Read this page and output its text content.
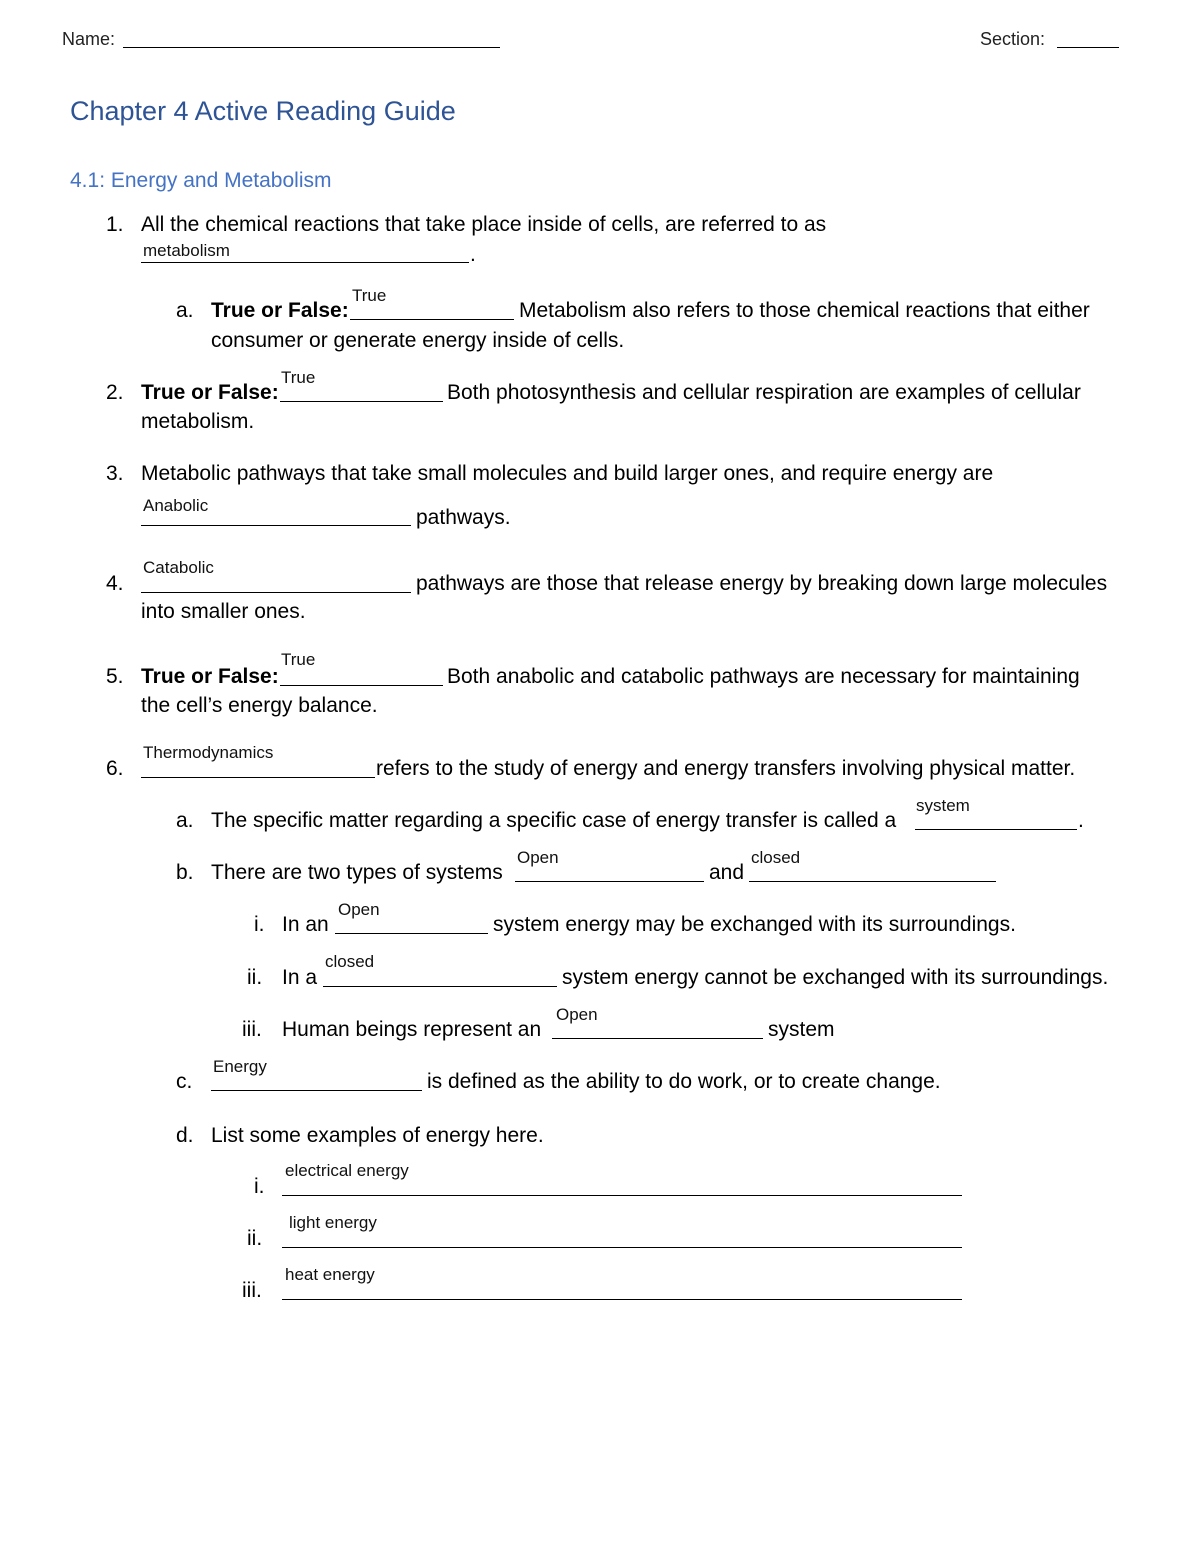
Name:	Section:
Chapter 4 Active Reading Guide
4.1: Energy and Metabolism
1. All the chemical reactions that take place inside of cells, are referred to as
metabolism	.
a. True or False:
True
Metabolism also refers to those chemical reactions that either
consumer or generate energy inside of cells.
2. True or False:
True
Both photosynthesis and cellular respiration are examples of cellular
metabolism.
3. Metabolic pathways that take small molecules and build larger ones, and require energy are
Anabolic
pathways.
4.
Catabolic
pathways are those that release energy by breaking down large molecules
into smaller ones.
5. True or False:
True
Both anabolic and catabolic pathways are necessary for maintaining
the cell’s energy balance.
6.
Thermodynamics
refers to the study of energy and energy transfers involving physical matter.
a. The specific matter regarding a specific case of energy transfer is called a
system
.
b. There are two types of systems
Open
and
closed
i. In an
Open
system energy may be exchanged with its surroundings.
ii. In a
closed
system energy cannot be exchanged with its surroundings.
iii. Human beings represent an
Open
system
c.
Energy
is defined as the ability to do work, or to create change.
d. List some examples of energy here.
i.
electrical energy
ii.
light energy
iii.
heat energy
